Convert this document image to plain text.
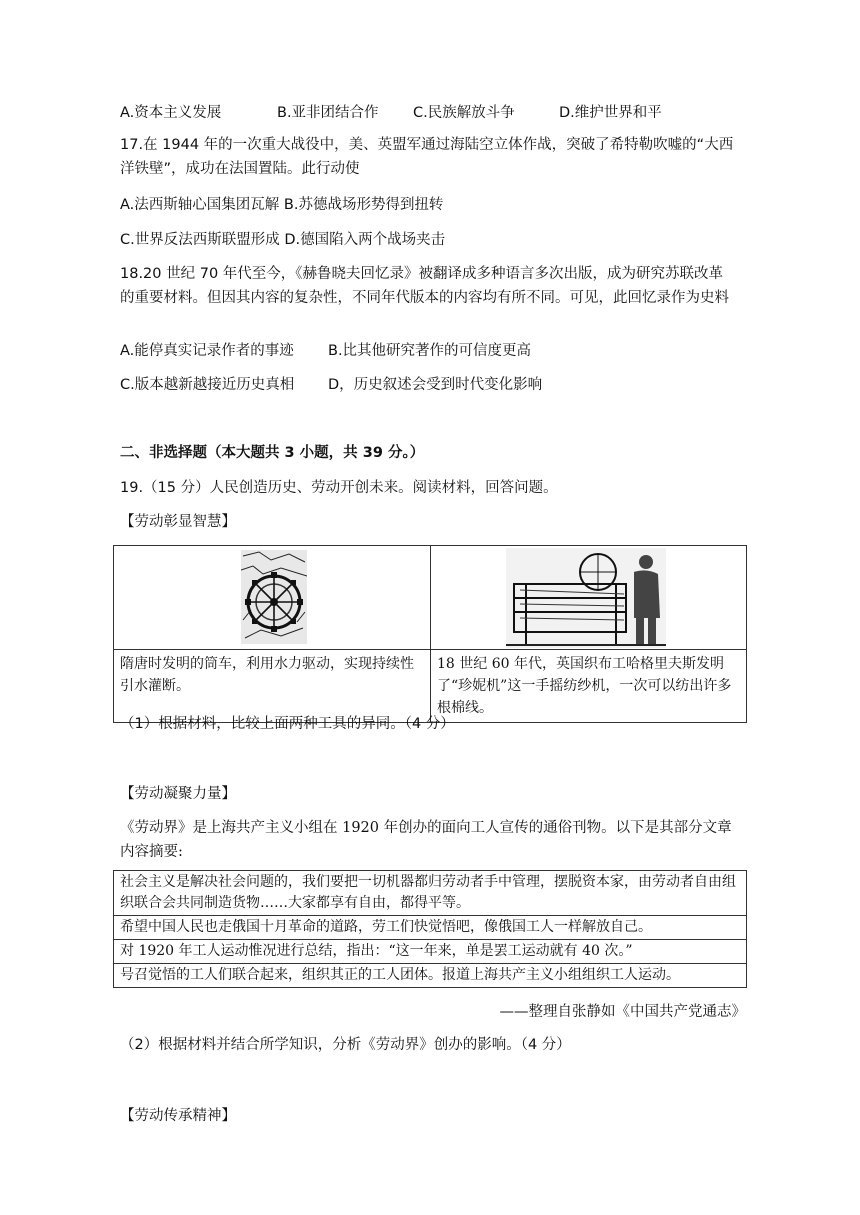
A.资本主义发展	B.亚非团结合作 C.民族解放斗争	D.维护世界和平
17.在 1944 年的一次重大战役中，美、英盟军通过海陆空立体作战，突破了希特勒吹嘘的“大西洋铁壁”，成功在法国置陆。此行动使
A.法西斯轴心国集团瓦解 B.苏德战场形势得到扭转
C.世界反法西斯联盟形成 D.德国陷入两个战场夹击
18.20 世纪 70 年代至今，《赫鲁晓夫回忆录》被翻译成多种语言多次出版，成为研究苏联改革 的重要材料。但因其内容的复杂性，不同年代版本的内容均有所不同。可见，此回忆录作为史料
A.能停真实记录作者的事迹 B.比其他研究著作的可信度更高
C.版本越新越接近历史真相 D，历史叙述会受到时代变化影响
二、非选择题（本大题共 3 小题，共 39 分。）
19.（15 分）人民创造历史、劳动开创未来。阅读材料，回答问题。
【劳动彰显智慧】

隋唐时发明的筒车，利用水力驱动，实现持续性引水灌断。	18 世纪 60 年代，英国织布工哈格里夫斯发明了“珍妮机”这一手摇纺纱机，一次可以纺出许多根棉线。
（1）根据材料，比较上面两种工具的异同。（4 分）
【劳动凝聚力量】
《劳动界》是上海共产主义小组在 1920 年创办的面向工人宣传的通俗刊物。以下是其部分文章内容摘要:
社会主义是解决社会问题的，我们要把一切机器都归劳动者手中管理，摆脱资本家，由劳动者自由组织联合会共同制造货物……大家都享有自由，都得平等。
希望中国人民也走俄国十月革命的道路，劳工们快觉悟吧，像俄国工人一样解放自己。
对 1920 年工人运动惟况进行总结，指出：“这一年来，单是罢工运动就有 40 次。”
号召觉悟的工人们联合起来，组织其正的工人团体。报道上海共产主义小组组织工人运动。
——整理自张静如《中国共产党通志》
（2）根据材料并结合所学知识，分析《劳动界》创办的影响。（4 分）
【劳动传承精神】
